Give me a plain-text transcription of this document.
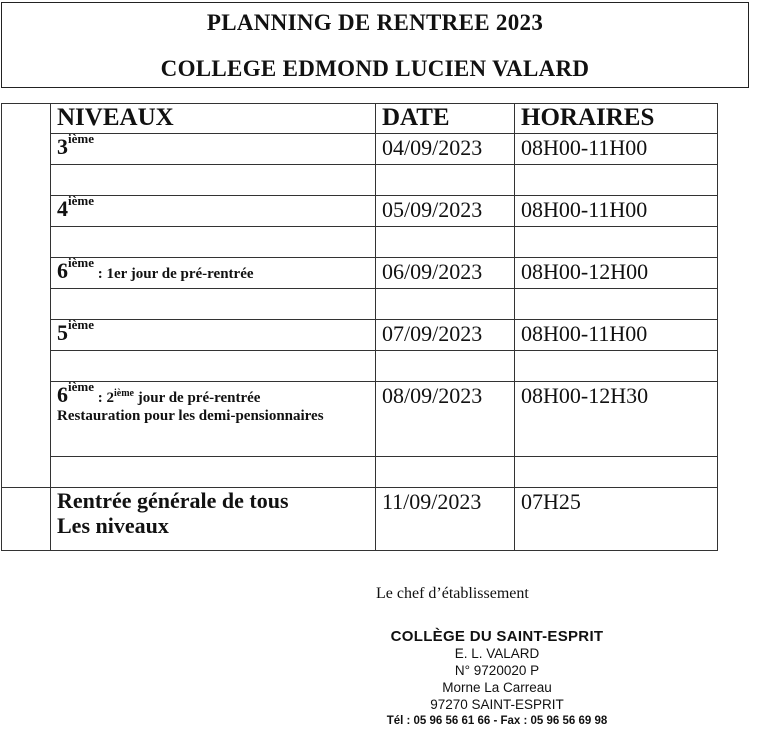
PLANNING DE RENTREE 2023
COLLEGE EDMOND LUCIEN VALARD
	NIVEAUX	DATE	HORAIRES
	3ième	04/09/2023	08H00-11H00

	4ième	05/09/2023	08H00-11H00

	6ième : 1er jour de pré-rentrée	06/09/2023	08H00-12H00

	5ième	07/09/2023	08H00-11H00

	6ième : 2ième jour de pré-rentrée
Restauration pour les demi-pensionnaires	08/09/2023	08H00-12H30

	Rentrée générale de tous
Les niveaux	11/09/2023	07H25
Le chef d’établissement
COLLÈGE DU SAINT-ESPRIT
E. L. VALARD
N° 9720020 P
Morne La Carreau
97270 SAINT-ESPRIT
Tél : 05 96 56 61 66 - Fax : 05 96 56 69 98
